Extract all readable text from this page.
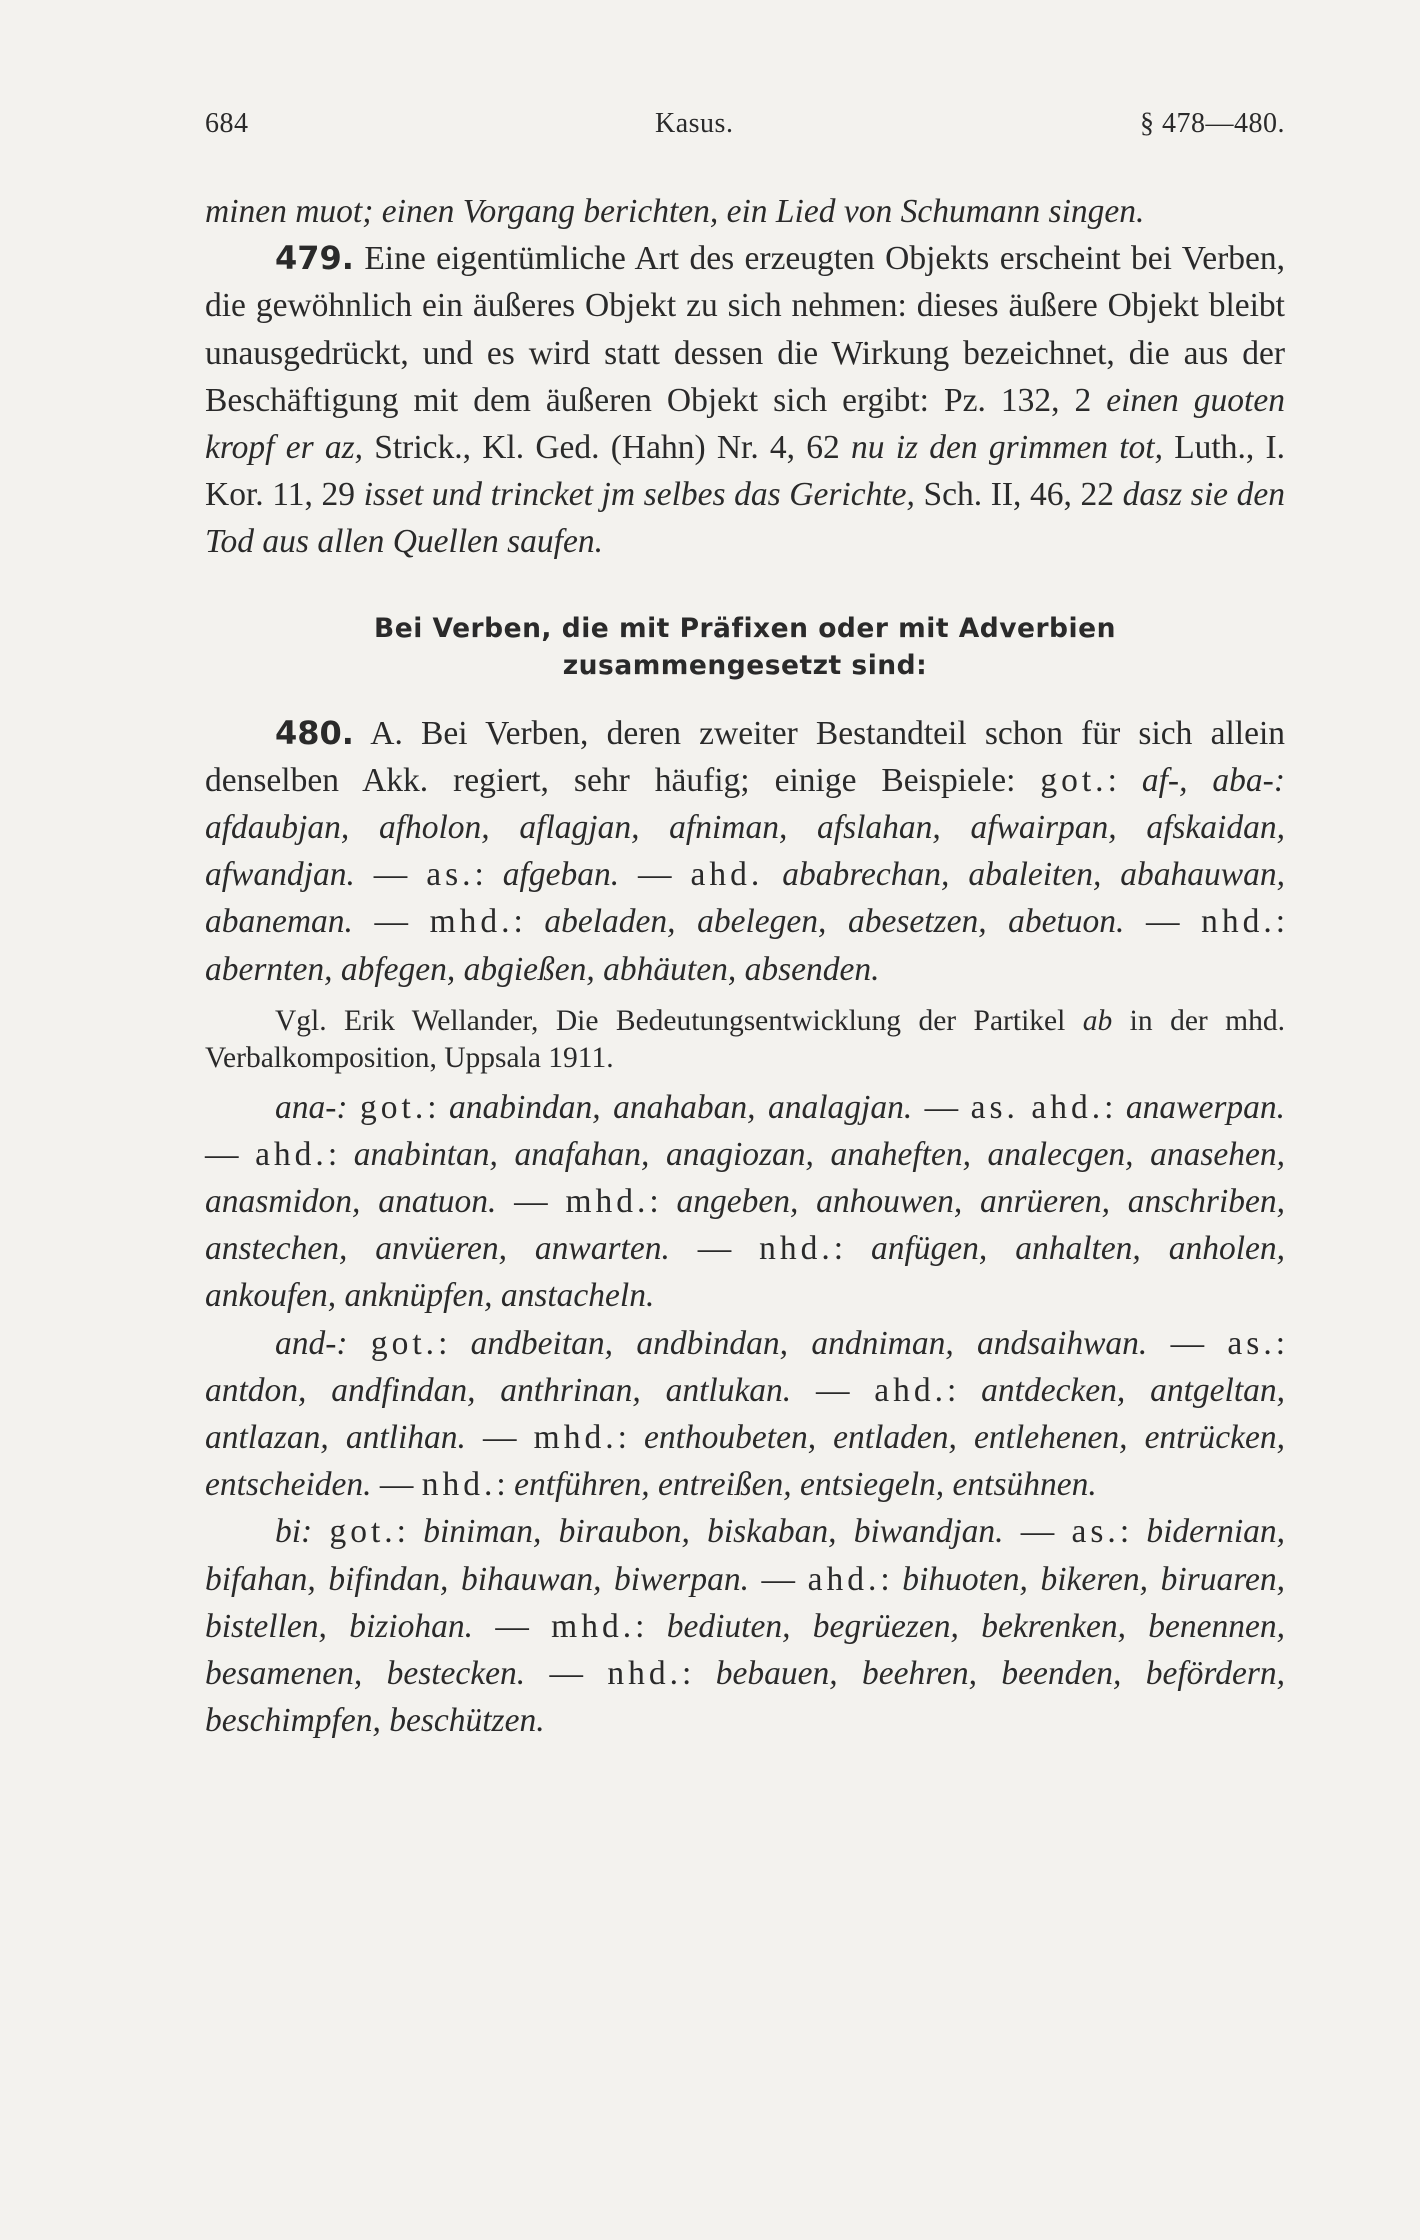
684	Kasus.	§ 478—480.

minen muot; einen Vorgang berichten, ein Lied von Schumann singen.

479. Eine eigentümliche Art des erzeugten Objekts erscheint bei Verben, die gewöhnlich ein äußeres Objekt zu sich nehmen: dieses äußere Objekt bleibt unausgedrückt, und es wird statt dessen die Wirkung bezeichnet, die aus der Beschäftigung mit dem äußeren Objekt sich ergibt: Pz. 132, 2 einen guoten kropf er az, Strick., Kl. Ged. (Hahn) Nr. 4, 62 nu iz den grimmen tot, Luth., I. Kor. 11, 29 isset und trincket jm selbes das Gerichte, Sch. II, 46, 22 dasz sie den Tod aus allen Quellen saufen.

Bei Verben, die mit Präfixen oder mit Adverbien
zusammengesetzt sind:

480. A. Bei Verben, deren zweiter Bestandteil schon für sich allein denselben Akk. regiert, sehr häufig; einige Beispiele: got.: af-, aba-: afdaubjan, afholon, aflagjan, afniman, afslahan, afwairpan, afskaidan, afwandjan. — as.: afgeban. — ahd. ababrechan, abaleiten, abahauwan, abaneman. — mhd.: abeladen, abelegen, abesetzen, abetuon. — nhd.: abernten, abfegen, abgießen, abhäuten, absenden.

Vgl. Erik Wellander, Die Bedeutungsentwicklung der Partikel ab in der mhd. Verbalkomposition, Uppsala 1911.

ana-: got.: anabindan, anahaban, analagjan. — as. ahd.: anawerpan. — ahd.: anabintan, anafahan, anagiozan, anaheften, analecgen, anasehen, anasmidon, anatuon. — mhd.: angeben, anhouwen, anrüeren, anschriben, anstechen, anvüeren, anwarten. — nhd.: anfügen, anhalten, anholen, ankoufen, anknüpfen, anstacheln.

and-: got.: andbeitan, andbindan, andniman, andsaihwan. — as.: antdon, andfindan, anthrinan, antlukan. — ahd.: antdecken, antgeltan, antlazan, antlihan. — mhd.: enthoubeten, entladen, entlehenen, entrücken, entscheiden. — nhd.: entführen, entreißen, entsiegeln, entsühnen.

bi: got.: biniman, biraubon, biskaban, biwandjan. — as.: bidernian, bifahan, bifindan, bihauwan, biwerpan. — ahd.: bihuoten, bikeren, biruaren, bistellen, biziohan. — mhd.: bediuten, begrüezen, bekrenken, benennen, besamenen, bestecken. — nhd.: bebauen, beehren, beenden, befördern, beschimpfen, beschützen.
